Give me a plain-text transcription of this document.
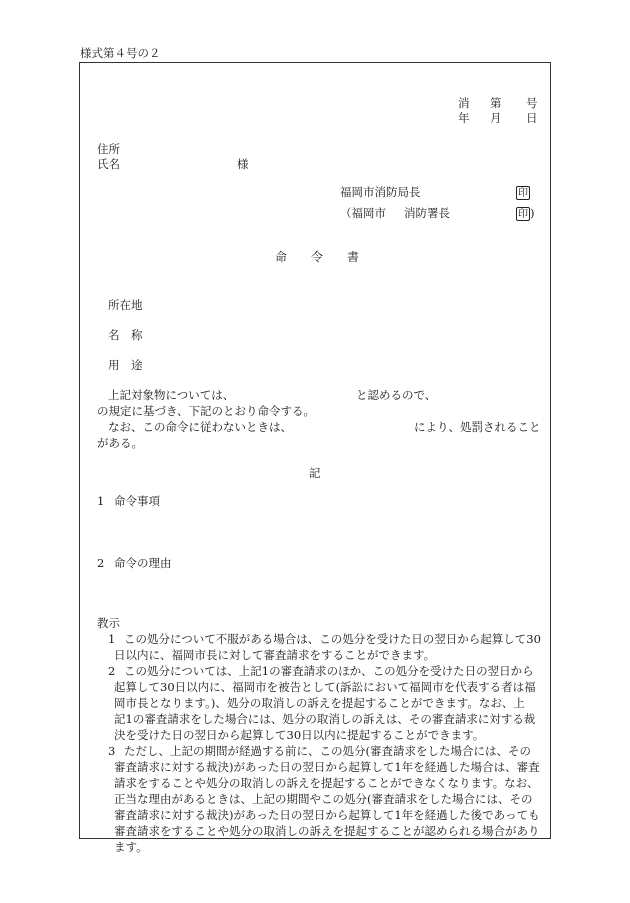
様式第４号の２
消 第 号
年 月 日
住所
氏名	様
福岡市消防局長	印
（福岡市 消防署長	印 )
命 令 書
所在地
名 称
用 途
上記対象物については、	と認めるので、
の規定に基づき、下記のとおり命令する。
なお、この命令に従わないときは、	により、処罰されること
がある。
記
1 命令事項
2 命令の理由
教示
1 この処分について不服がある場合は、この処分を受けた日の翌日から起算して30
日以内に、福岡市長に対して審査請求をすることができます。
2 この処分については、上記1の審査請求のほか、この処分を受けた日の翌日から
起算して30日以内に、福岡市を被告として(訴訟において福岡市を代表する者は福
岡市長となります。)、処分の取消しの訴えを提起することができます。なお、上
記1の審査請求をした場合には、処分の取消しの訴えは、その審査請求に対する裁
決を受けた日の翌日から起算して30日以内に提起することができます。
3 ただし、上記の期間が経過する前に、この処分(審査請求をした場合には、その
審査請求に対する裁決)があった日の翌日から起算して1年を経過した場合は、審査
請求をすることや処分の取消しの訴えを提起することができなくなります。なお、
正当な理由があるときは、上記の期間やこの処分(審査請求をした場合には、その
審査請求に対する裁決)があった日の翌日から起算して1年を経過した後であっても
審査請求をすることや処分の取消しの訴えを提起することが認められる場合があり
ます。
